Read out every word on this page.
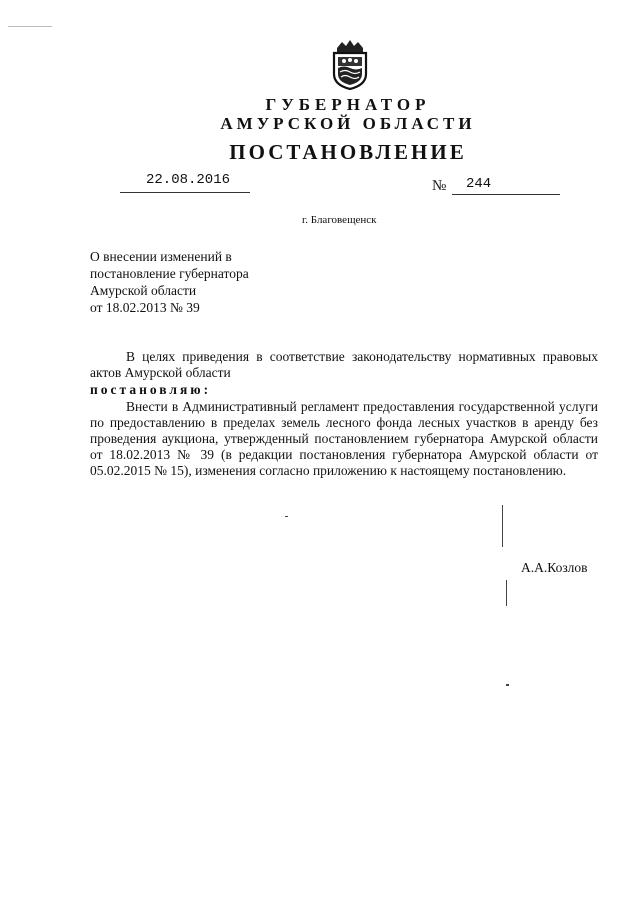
ГУБЕРНАТОР
АМУРСКОЙ ОБЛАСТИ
ПОСТАНОВЛЕНИЕ
22.08.2016	№ 244
г. Благовещенск
О внесении изменений в
постановление губернатора
Амурской области
от 18.02.2013 № 39

В целях приведения в соответствие законодательству нормативных правовых актов Амурской области

постановляю:

Внести в Административный регламент предоставления государственной услуги по предоставлению в пределах земель лесного фонда лесных участков в аренду без проведения аукциона, утвержденный постановлением губернатора Амурской области от 18.02.2013 № 39 (в редакции постановления губернатора Амурской области от 05.02.2015 № 15), изменения согласно приложению к настоящему постановлению.

А.А.Козлов
